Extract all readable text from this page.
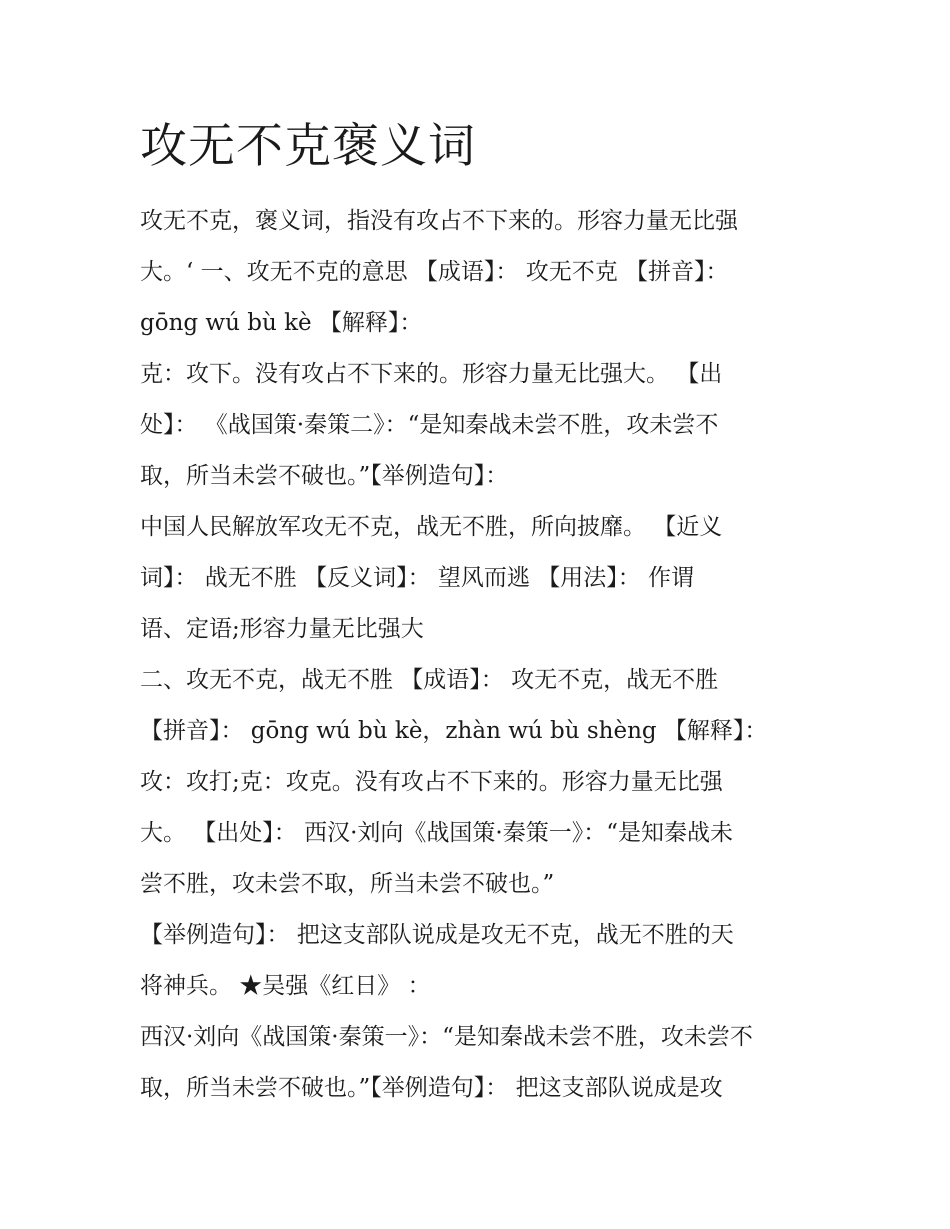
攻无不克褒义词
攻无不克，褒义词，指没有攻占不下来的。形容力量无比强
大。‘ 一、攻无不克的意思 【成语】： 攻无不克 【拼音】：
gōng wú bù kè 【解释】：
克：攻下。没有攻占不下来的。形容力量无比强大。 【出
处】： 《战国策·秦策二》：“是知秦战未尝不胜，攻未尝不
取，所当未尝不破也。”【举例造句】：
中国人民解放军攻无不克，战无不胜，所向披靡。 【近义
词】： 战无不胜 【反义词】： 望风而逃 【用法】： 作谓
语、定语;形容力量无比强大
二、攻无不克，战无不胜 【成语】： 攻无不克，战无不胜
【拼音】： gōng wú bù kè，zhàn wú bù shèng 【解释】：
攻：攻打;克：攻克。没有攻占不下来的。形容力量无比强
大。 【出处】： 西汉·刘向《战国策·秦策一》：“是知秦战未
尝不胜，攻未尝不取，所当未尝不破也。”
【举例造句】： 把这支部队说成是攻无不克，战无不胜的天
将神兵。 ★吴强《红日》 ：
西汉·刘向《战国策·秦策一》：“是知秦战未尝不胜，攻未尝不
取，所当未尝不破也。”【举例造句】： 把这支部队说成是攻
